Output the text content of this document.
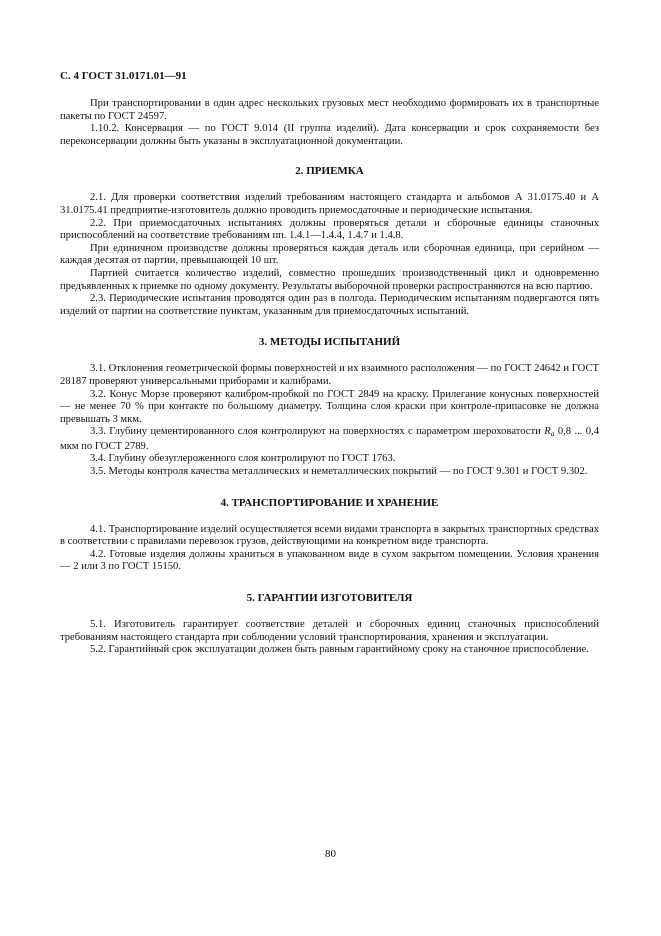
С. 4 ГОСТ 31.0171.01—91

При транспортировании в один адрес нескольких грузовых мест необходимо формировать их в транспортные пакеты по ГОСТ 24597.

1.10.2. Консервация — по ГОСТ 9.014 (II группа изделий). Дата консервации и срок сохраняемости без переконсервации должны быть указаны в эксплуатационной документации.

2. ПРИЕМКА

2.1. Для проверки соответствия изделий требованиям настоящего стандарта и альбомов А 31.0175.40 и А 31.0175.41 предприятие-изготовитель должно проводить приемосдаточные и периодические испытания.

2.2. При приемосдаточных испытаниях должны проверяться детали и сборочные единицы станочных приспособлений на соответствие требованиям пп. 1.4.1—1.4.4, 1.4.7 и 1.4.8.

При единичном производстве должны проверяться каждая деталь или сборочная единица, при серийном — каждая десятая от партии, превышающей 10 шт.

Партией считается количество изделий, совместно прошедших производственный цикл и одновременно предъявленных к приемке по одному документу. Результаты выборочной проверки распространяются на всю партию.

2.3. Периодические испытания проводятся один раз в полгода. Периодическим испытаниям подвергаются пять изделий от партии на соответствие пунктам, указанным для приемосдаточных испытаний.

3. МЕТОДЫ ИСПЫТАНИЙ

3.1. Отклонения геометрической формы поверхностей и их взаимного расположения — по ГОСТ 24642 и ГОСТ 28187 проверяют универсальными приборами и калибрами.

3.2. Конус Морзе проверяют калибром-пробкой по ГОСТ 2849 на краску. Прилегание конусных поверхностей — не менее 70 % при контакте по большому диаметру. Толщина слоя краски при контроле-припасовке не должна превышать 3 мкм.

3.3. Глубину цементированного слоя контролируют на поверхностях с параметром шероховатости $R_a$ 0,8 ... 0,4 мкм по ГОСТ 2789.

3.4. Глубину обезуглероженного слоя контролируют по ГОСТ 1763.

3.5. Методы контроля качества металлических и неметаллических покрытий — по ГОСТ 9.301 и ГОСТ 9.302.

4. ТРАНСПОРТИРОВАНИЕ И ХРАНЕНИЕ

4.1. Транспортирование изделий осуществляется всеми видами транспорта в закрытых транспортных средствах в соответствии с правилами перевозок грузов, действующими на конкретном виде транспорта.

4.2. Готовые изделия должны храниться в упакованном виде в сухом закрытом помещении. Условия хранения — 2 или 3 по ГОСТ 15150.

5. ГАРАНТИИ ИЗГОТОВИТЕЛЯ

5.1. Изготовитель гарантирует соответствие деталей и сборочных единиц станочных приспособлений требованиям настоящего стандарта при соблюдении условий транспортирования, хранения и эксплуатации.

5.2. Гарантийный срок эксплуатации должен быть равным гарантийному сроку на станочное приспособление.

80
